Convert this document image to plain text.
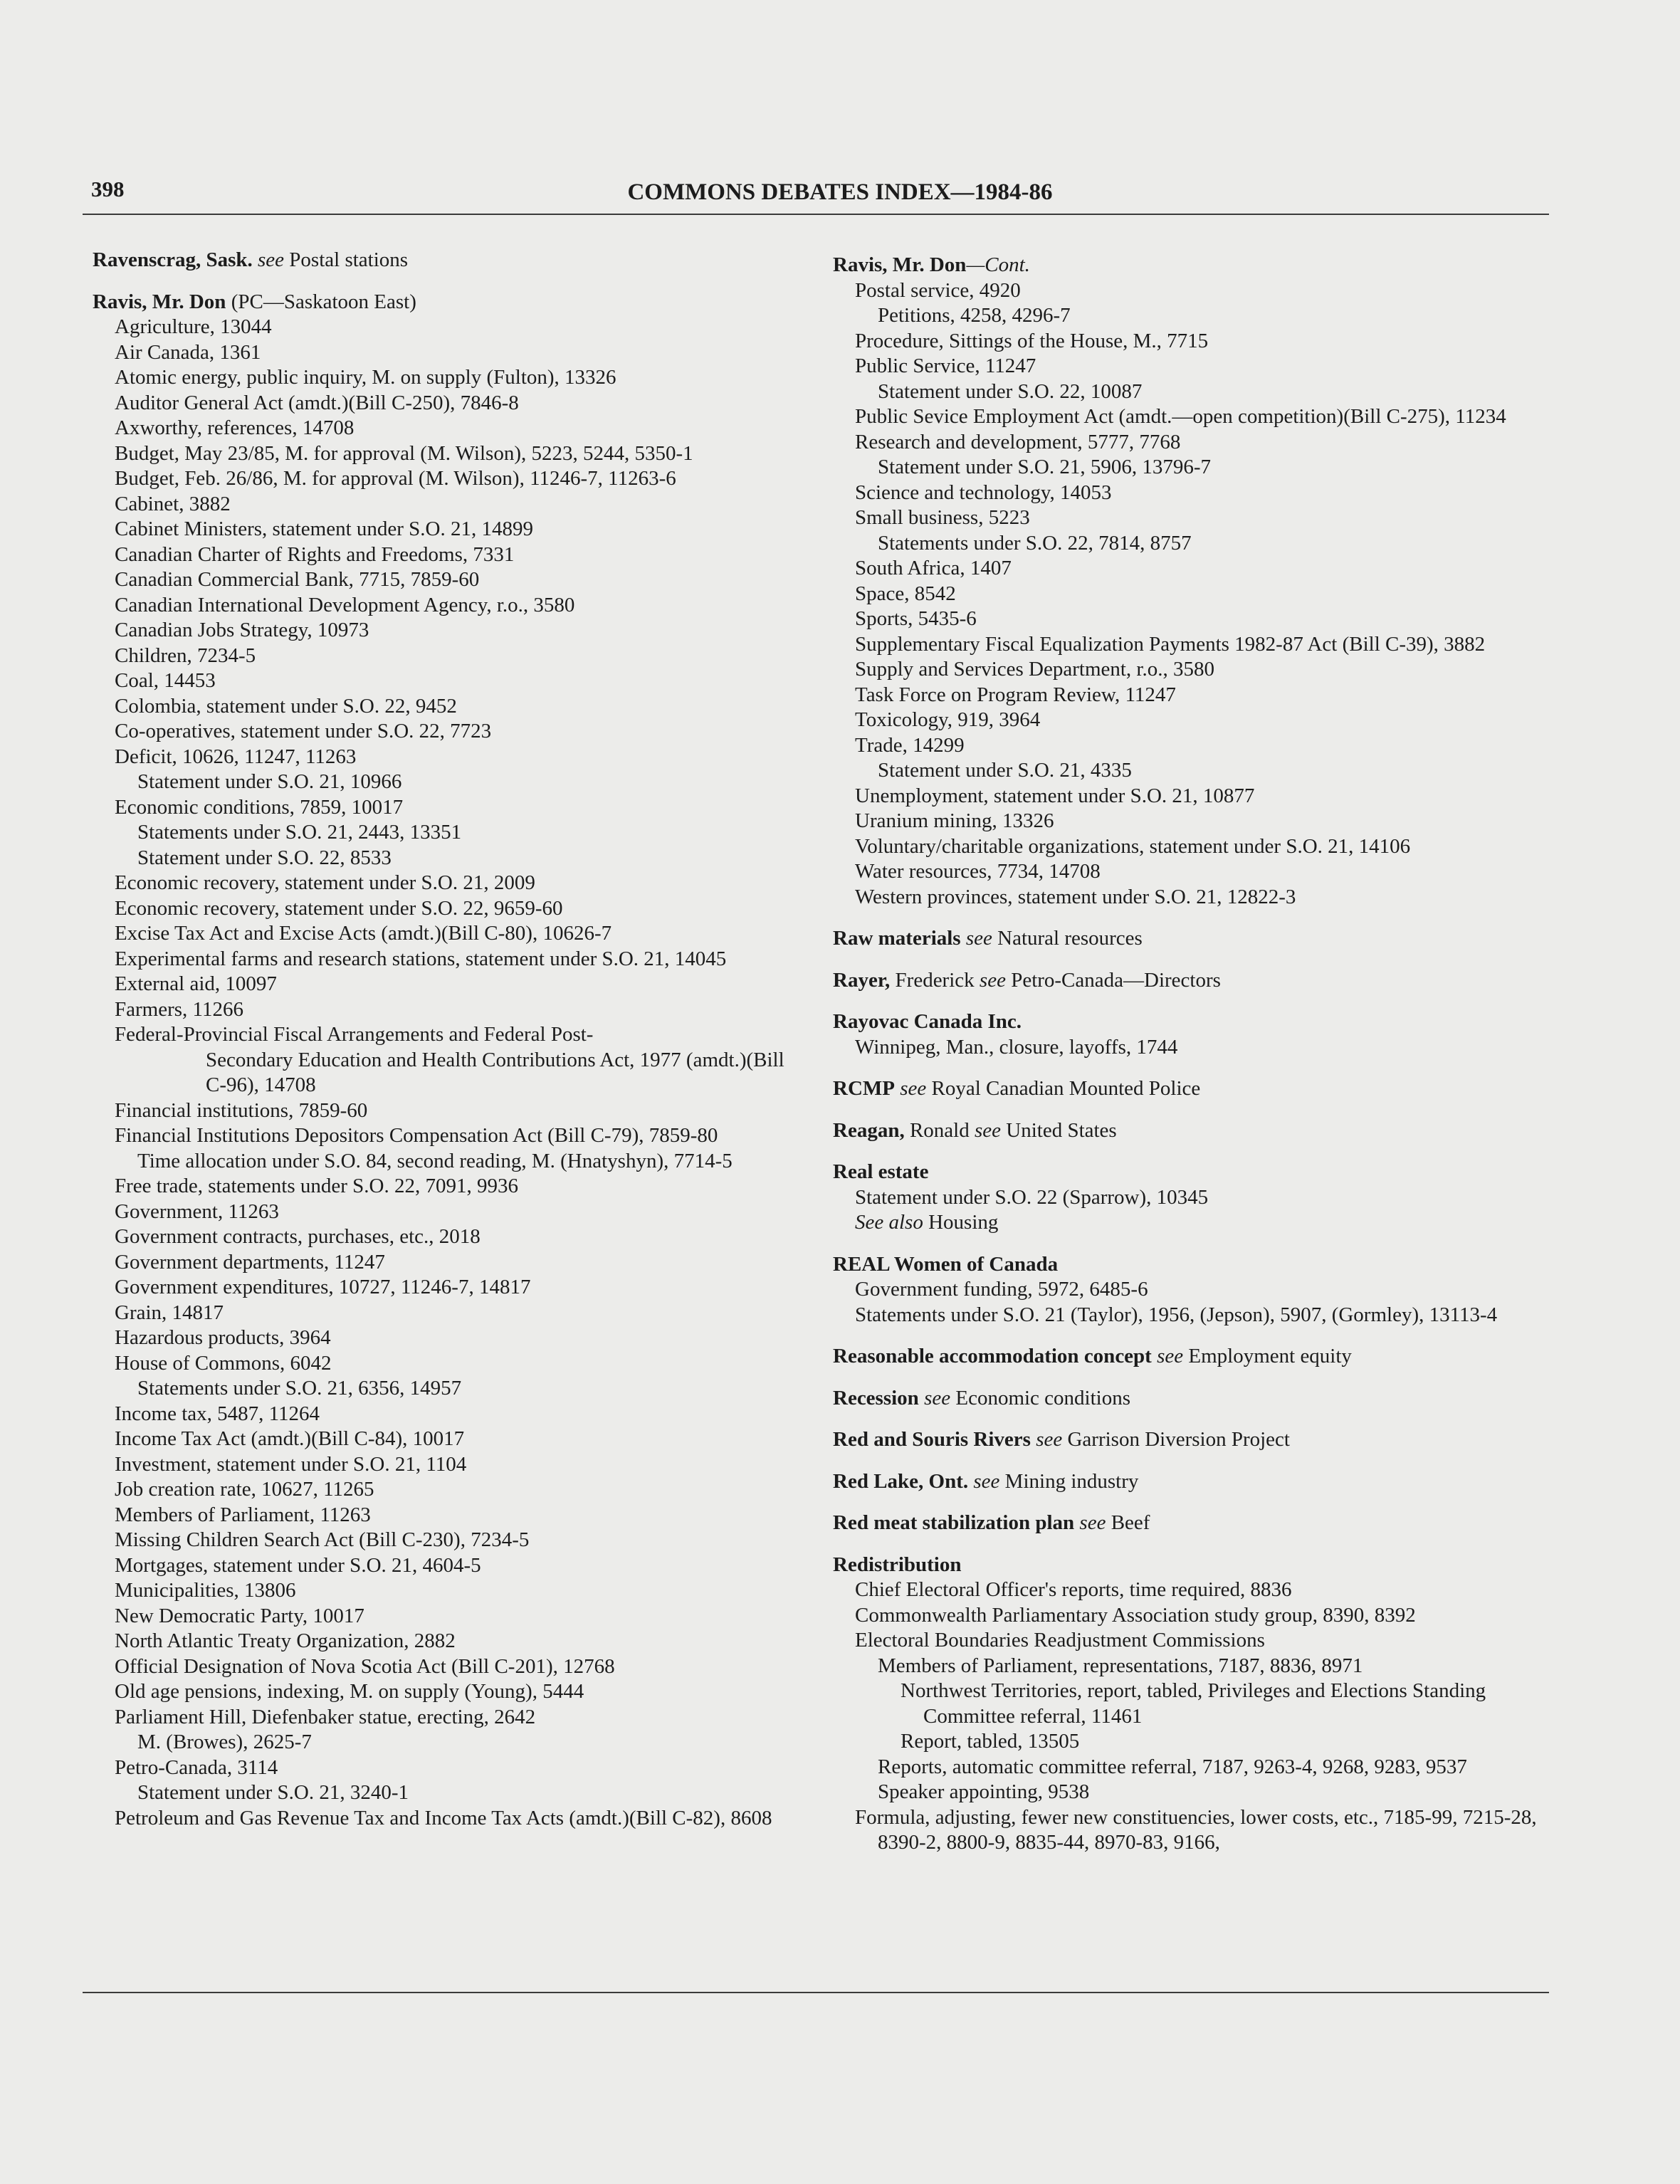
398	COMMONS DEBATES INDEX—1984-86
Ravenscrag, Sask. see Postal stations
Ravis, Mr. Don (PC—Saskatoon East)
Agriculture, 13044
Air Canada, 1361
Atomic energy, public inquiry, M. on supply (Fulton), 13326
Auditor General Act (amdt.)(Bill C-250), 7846-8
Axworthy, references, 14708
Budget, May 23/85, M. for approval (M. Wilson), 5223, 5244, 5350-1
Budget, Feb. 26/86, M. for approval (M. Wilson), 11246-7, 11263-6
Cabinet, 3882
Cabinet Ministers, statement under S.O. 21, 14899
Canadian Charter of Rights and Freedoms, 7331
Canadian Commercial Bank, 7715, 7859-60
Canadian International Development Agency, r.o., 3580
Canadian Jobs Strategy, 10973
Children, 7234-5
Coal, 14453
Colombia, statement under S.O. 22, 9452
Co-operatives, statement under S.O. 22, 7723
Deficit, 10626, 11247, 11263
Statement under S.O. 21, 10966
Economic conditions, 7859, 10017
Statements under S.O. 21, 2443, 13351
Statement under S.O. 22, 8533
Economic recovery, statement under S.O. 21, 2009
Economic recovery, statement under S.O. 22, 9659-60
Excise Tax Act and Excise Acts (amdt.)(Bill C-80), 10626-7
Experimental farms and research stations, statement under S.O. 21, 14045
External aid, 10097
Farmers, 11266
Federal-Provincial Fiscal Arrangements and Federal Post-
Secondary Education and Health Contributions Act, 1977 (amdt.)(Bill C-96), 14708
Financial institutions, 7859-60
Financial Institutions Depositors Compensation Act (Bill C-79), 7859-80
Time allocation under S.O. 84, second reading, M. (Hnatyshyn), 7714-5
Free trade, statements under S.O. 22, 7091, 9936
Government, 11263
Government contracts, purchases, etc., 2018
Government departments, 11247
Government expenditures, 10727, 11246-7, 14817
Grain, 14817
Hazardous products, 3964
House of Commons, 6042
Statements under S.O. 21, 6356, 14957
Income tax, 5487, 11264
Income Tax Act (amdt.)(Bill C-84), 10017
Investment, statement under S.O. 21, 1104
Job creation rate, 10627, 11265
Members of Parliament, 11263
Missing Children Search Act (Bill C-230), 7234-5
Mortgages, statement under S.O. 21, 4604-5
Municipalities, 13806
New Democratic Party, 10017
North Atlantic Treaty Organization, 2882
Official Designation of Nova Scotia Act (Bill C-201), 12768
Old age pensions, indexing, M. on supply (Young), 5444
Parliament Hill, Diefenbaker statue, erecting, 2642
M. (Browes), 2625-7
Petro-Canada, 3114
Statement under S.O. 21, 3240-1
Petroleum and Gas Revenue Tax and Income Tax Acts (amdt.)(Bill C-82), 8608
Ravis, Mr. Don—Cont.
Postal service, 4920
Petitions, 4258, 4296-7
Procedure, Sittings of the House, M., 7715
Public Service, 11247
Statement under S.O. 22, 10087
Public Sevice Employment Act (amdt.—open competition)(Bill C-275), 11234
Research and development, 5777, 7768
Statement under S.O. 21, 5906, 13796-7
Science and technology, 14053
Small business, 5223
Statements under S.O. 22, 7814, 8757
South Africa, 1407
Space, 8542
Sports, 5435-6
Supplementary Fiscal Equalization Payments 1982-87 Act (Bill C-39), 3882
Supply and Services Department, r.o., 3580
Task Force on Program Review, 11247
Toxicology, 919, 3964
Trade, 14299
Statement under S.O. 21, 4335
Unemployment, statement under S.O. 21, 10877
Uranium mining, 13326
Voluntary/charitable organizations, statement under S.O. 21, 14106
Water resources, 7734, 14708
Western provinces, statement under S.O. 21, 12822-3
Raw materials see Natural resources
Rayer, Frederick see Petro-Canada—Directors
Rayovac Canada Inc.
Winnipeg, Man., closure, layoffs, 1744
RCMP see Royal Canadian Mounted Police
Reagan, Ronald see United States
Real estate
Statement under S.O. 22 (Sparrow), 10345
See also Housing
REAL Women of Canada
Government funding, 5972, 6485-6
Statements under S.O. 21 (Taylor), 1956, (Jepson), 5907, (Gormley), 13113-4
Reasonable accommodation concept see Employment equity
Recession see Economic conditions
Red and Souris Rivers see Garrison Diversion Project
Red Lake, Ont. see Mining industry
Red meat stabilization plan see Beef
Redistribution
Chief Electoral Officer's reports, time required, 8836
Commonwealth Parliamentary Association study group, 8390, 8392
Electoral Boundaries Readjustment Commissions
Members of Parliament, representations, 7187, 8836, 8971
Northwest Territories, report, tabled, Privileges and Elections Standing Committee referral, 11461
Report, tabled, 13505
Reports, automatic committee referral, 7187, 9263-4, 9268, 9283, 9537
Speaker appointing, 9538
Formula, adjusting, fewer new constituencies, lower costs, etc., 7185-99, 7215-28, 8390-2, 8800-9, 8835-44, 8970-83, 9166,
